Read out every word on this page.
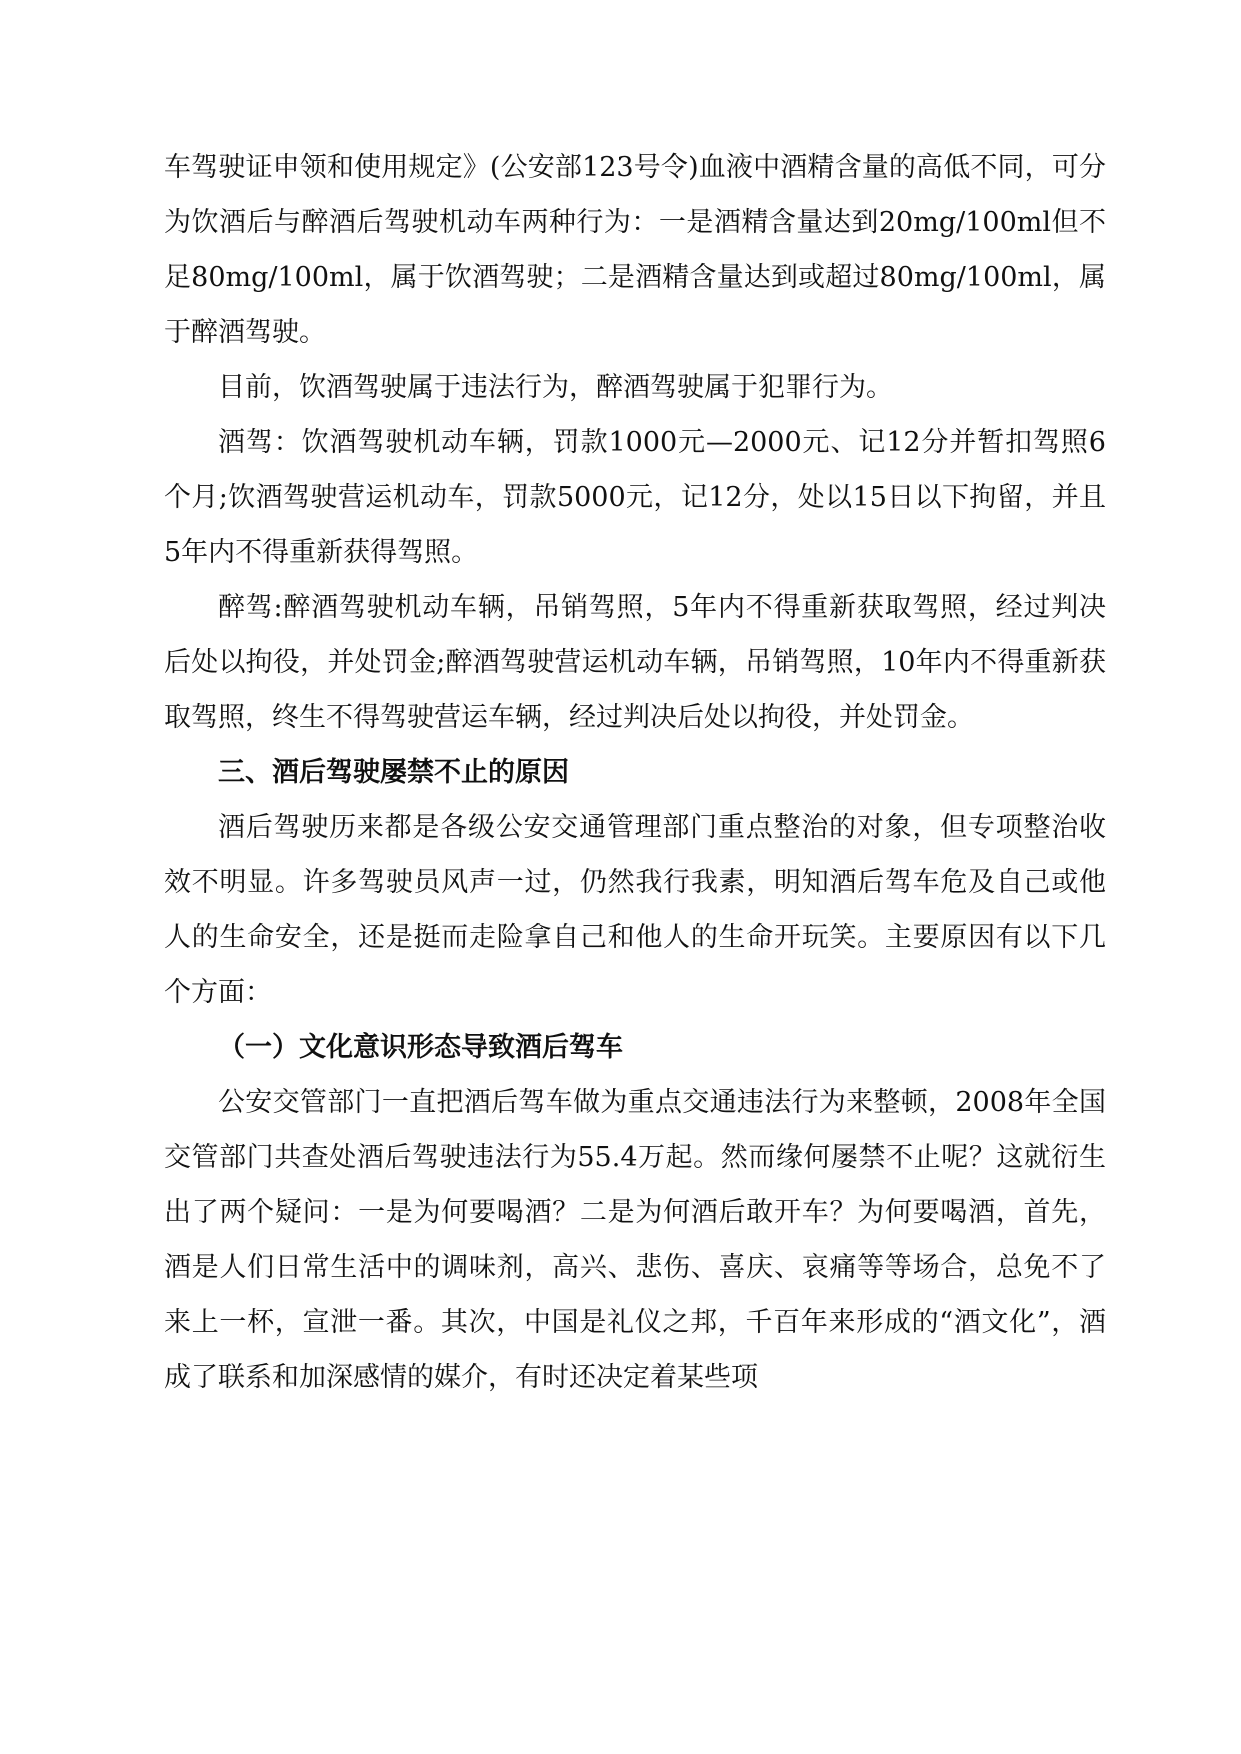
车驾驶证申领和使用规定》(公安部123号令)血液中酒精含量的高低不同，可分为饮酒后与醉酒后驾驶机动车两种行为：一是酒精含量达到20mg/100ml但不足80mg/100ml，属于饮酒驾驶；二是酒精含量达到或超过80mg/100ml，属于醉酒驾驶。

目前，饮酒驾驶属于违法行为，醉酒驾驶属于犯罪行为。

酒驾：饮酒驾驶机动车辆，罚款1000元—2000元、记12分并暂扣驾照6个月;饮酒驾驶营运机动车，罚款5000元，记12分，处以15日以下拘留，并且5年内不得重新获得驾照。

醉驾:醉酒驾驶机动车辆，吊销驾照，5年内不得重新获取驾照，经过判决后处以拘役，并处罚金;醉酒驾驶营运机动车辆，吊销驾照，10年内不得重新获取驾照，终生不得驾驶营运车辆，经过判决后处以拘役，并处罚金。

三、酒后驾驶屡禁不止的原因

酒后驾驶历来都是各级公安交通管理部门重点整治的对象，但专项整治收效不明显。许多驾驶员风声一过，仍然我行我素，明知酒后驾车危及自己或他人的生命安全，还是挺而走险拿自己和他人的生命开玩笑。主要原因有以下几个方面：

（一）文化意识形态导致酒后驾车

公安交管部门一直把酒后驾车做为重点交通违法行为来整顿，2008年全国交管部门共查处酒后驾驶违法行为55.4万起。然而缘何屡禁不止呢？这就衍生出了两个疑问：一是为何要喝酒？二是为何酒后敢开车？为何要喝酒，首先，酒是人们日常生活中的调味剂，高兴、悲伤、喜庆、哀痛等等场合，总免不了来上一杯，宣泄一番。其次，中国是礼仪之邦，千百年来形成的“酒文化”，酒成了联系和加深感情的媒介，有时还决定着某些项
